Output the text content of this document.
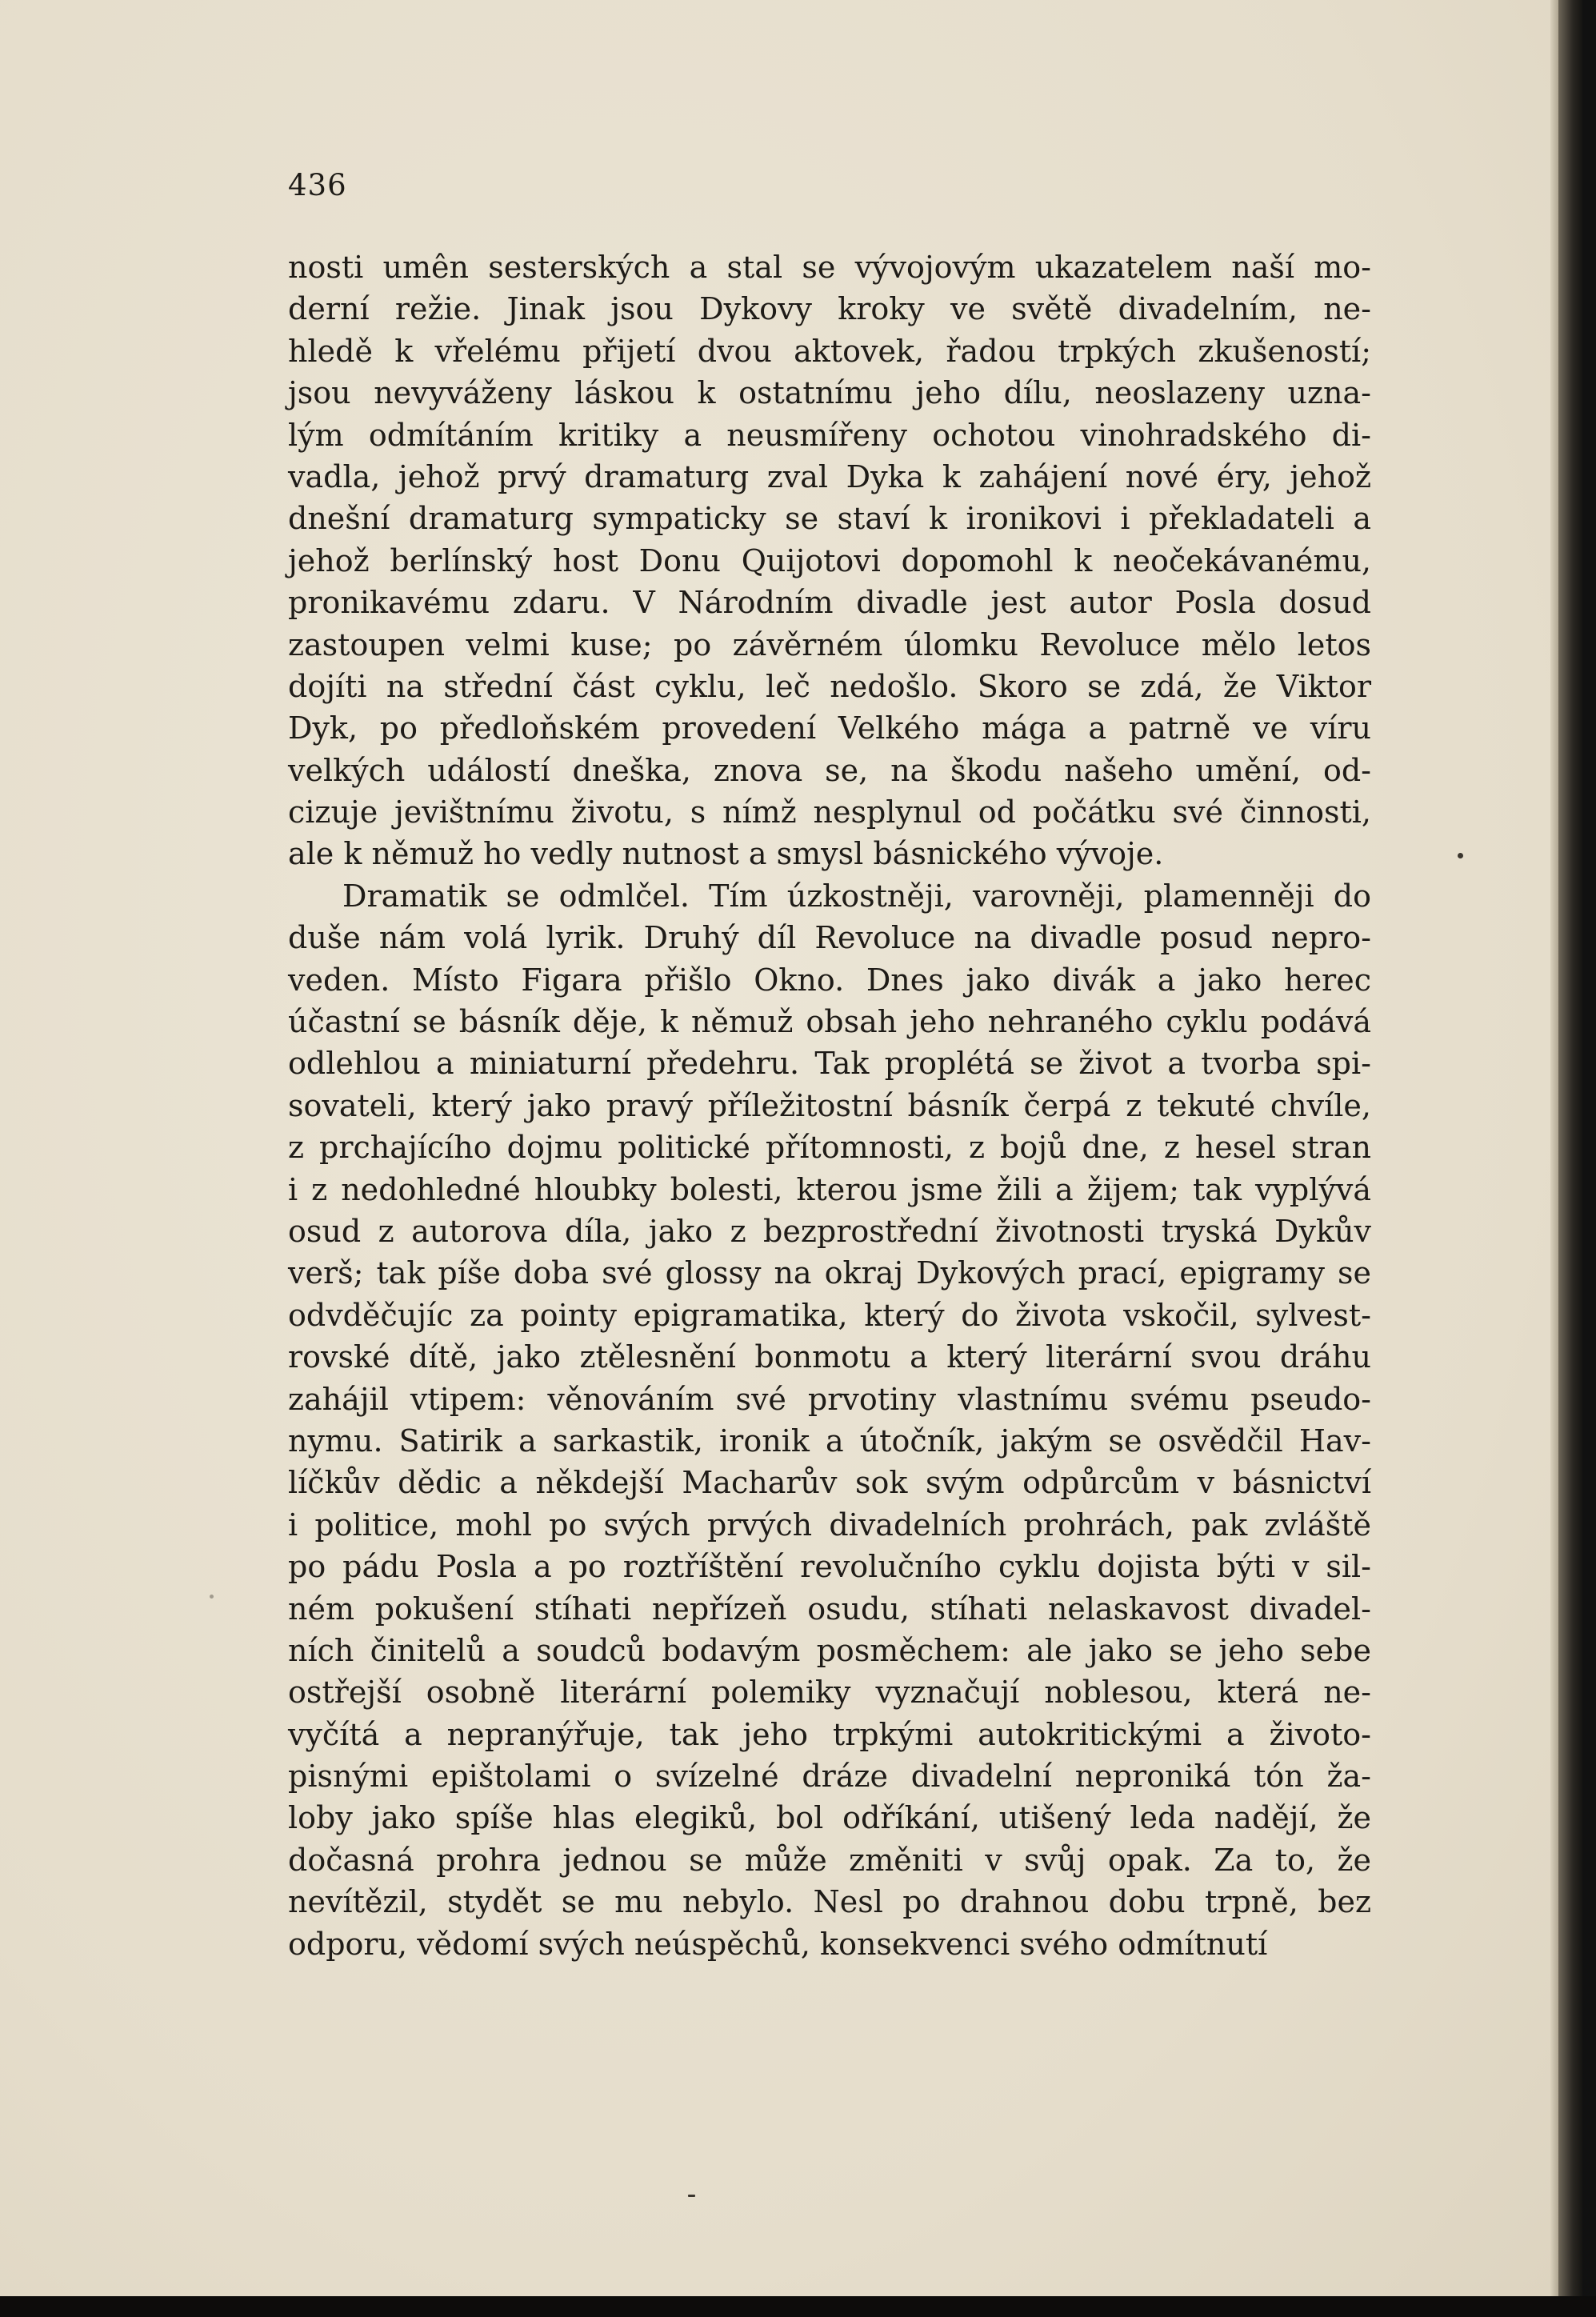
436
nosti umên sesterských a stal se vývojovým ukazatelem naší mo-
derní režie. Jinak jsou Dykovy kroky ve světě divadelním, ne-
hledě k vřelému přijetí dvou aktovek, řadou trpkých zkušeností;
jsou nevyváženy láskou k ostatnímu jeho dílu, neoslazeny uzna-
lým odmítáním kritiky a neusmířeny ochotou vinohradského di-
vadla, jehož prvý dramaturg zval Dyka k zahájení nové éry, jehož
dnešní dramaturg sympaticky se staví k ironikovi i překladateli a
jehož berlínský host Donu Quijotovi dopomohl k neočekávanému,
pronikavému zdaru. V Národním divadle jest autor Posla dosud
zastoupen velmi kuse; po závěrném úlomku Revoluce mělo letos
dojíti na střední část cyklu, leč nedošlo. Skoro se zdá, že Viktor
Dyk, po předloňském provedení Velkého mága a patrně ve víru
velkých událostí dneška, znova se, na škodu našeho umění, od-
cizuje jevištnímu životu, s nímž nesplynul od počátku své činnosti,
ale k němuž ho vedly nutnost a smysl básnického vývoje.
Dramatik se odmlčel. Tím úzkostněji, varovněji, plamenněji do
duše nám volá lyrik. Druhý díl Revoluce na divadle posud nepro-
veden. Místo Figara přišlo Okno. Dnes jako divák a jako herec
účastní se básník děje, k němuž obsah jeho nehraného cyklu podává
odlehlou a miniaturní předehru. Tak proplétá se život a tvorba spi-
sovateli, který jako pravý příležitostní básník čerpá z tekuté chvíle,
z prchajícího dojmu politické přítomnosti, z bojů dne, z hesel stran
i z nedohledné hloubky bolesti, kterou jsme žili a žijem; tak vyplývá
osud z autorova díla, jako z bezprostřední životnosti tryská Dykův
verš; tak píše doba své glossy na okraj Dykových prací, epigramy se
odvděčujíc za pointy epigramatika, který do života vskočil, sylvest-
rovské dítě, jako ztělesnění bonmotu a který literární svou dráhu
zahájil vtipem: věnováním své prvotiny vlastnímu svému pseudo-
nymu. Satirik a sarkastik, ironik a útočník, jakým se osvědčil Hav-
líčkův dědic a někdejší Macharův sok svým odpůrcům v básnictví
i politice, mohl po svých prvých divadelních prohrách, pak zvláště
po pádu Posla a po roztříštění revolučního cyklu dojista býti v sil-
ném pokušení stíhati nepřízeň osudu, stíhati nelaskavost divadel-
ních činitelů a soudců bodavým posměchem: ale jako se jeho sebe
ostřejší osobně literární polemiky vyznačují noblesou, která ne-
vyčítá a nepranýřuje, tak jeho trpkými autokritickými a životo-
pisnými epištolami o svízelné dráze divadelní neproniká tón ža-
loby jako spíše hlas elegiků, bol odříkání, utišený leda nadějí, že
dočasná prohra jednou se může změniti v svůj opak. Za to, že
nevítězil, stydět se mu nebylo. Nesl po drahnou dobu trpně, bez
odporu, vědomí svých neúspěchů, konsekvenci svého odmítnutí
